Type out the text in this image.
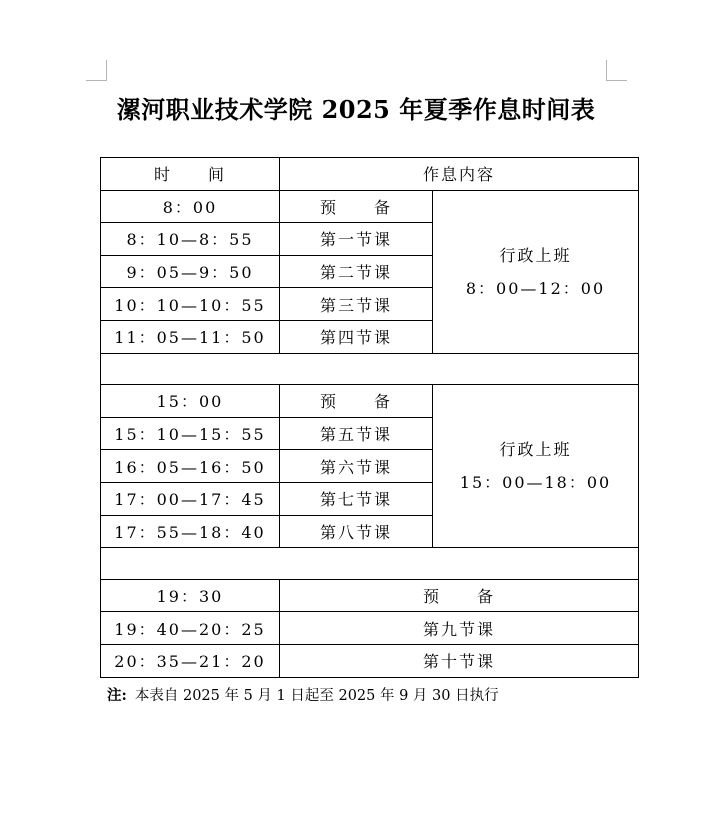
漯河职业技术学院 2025 年夏季作息时间表
时　　间	作息内容	
8：00	预　　备	行政上班
8：00—12：00

8：10—8：55	第一节课	
9：05—9：50	第二节课	
10：10—10：55	第三节课	
11：05—11：50	第四节课	

15：00	预　　备	行政上班
15：00—18：00

15：10—15：55	第五节课	
16：05—16：50	第六节课	
17：00—17：45	第七节课	
17：55—18：40	第八节课	

19：30	预　　备	
19：40—20：25	第九节课	
20：35—21：20	第十节课	
注: 本表自 2025 年 5 月 1 日起至 2025 年 9 月 30 日执行
